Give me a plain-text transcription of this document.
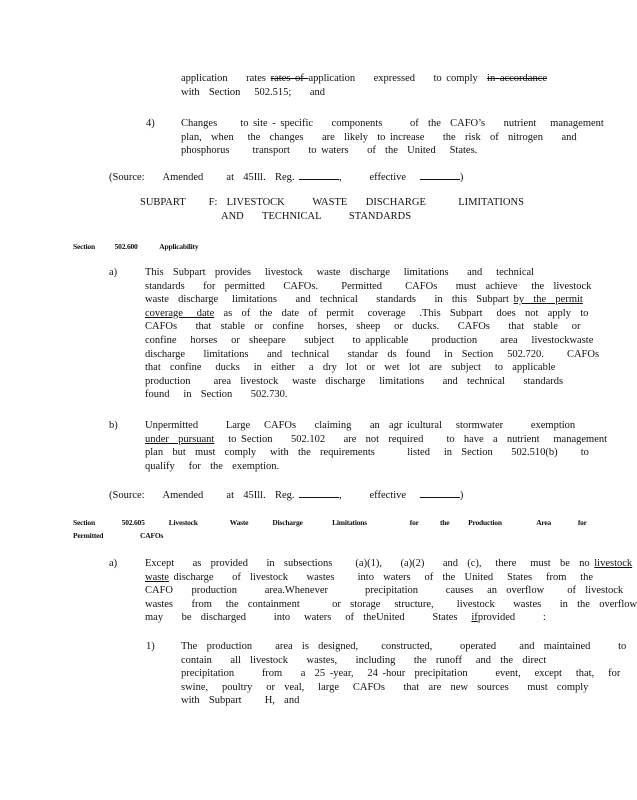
application    rates rates of application    expressed    to comply  in accordance
with  Section   502.515;    and
4)	Changes     to site - specific    components      of  the  CAFO’s    nutrient   management
plan,  when   the  changes    are  likely  to increase    the  risk  of  nitrogen    and
phosphorus     transport    to waters    of  the  United   States.
(Source:    Amended     at  45Ill.  Reg.	,      effective	)
SUBPART     F:  LIVESTOCK      WASTE    DISCHARGE       LIMITATIONS
AND    TECHNICAL      STANDARDS
Section	502.600	Applicability
a)	This  Subpart  provides   livestock   waste  discharge   limitations    and   technical
standards    for  permitted    CAFOs.     Permitted     CAFOs    must  achieve   the  livestock
waste  discharge   limitations    and  technical    standards    in  this  Subpart by  the  permit
coverage   date  as  of  the  date  of  permit   coverage   .This  Subpart   does  not  apply  to
CAFOs    that  stable  or  confine   horses,  sheep   or  ducks.    CAFOs    that  stable   or
confine   horses   or  sheepare    subject    to applicable     production     area   livestockwaste
discharge    limitations    and  technical    standar  ds  found   in  Section   502.720.     CAFOs
that  confine   ducks   in  either   a  dry  lot  or  wet  lot  are  subject   to  applicable
production     area  livestock   waste  discharge   limitations    and  technical    standards
found   in  Section    502.730.
b)	Unpermitted      Large   CAFOs    claiming    an  agr icultural   stormwater      exemption
under  pursuant   to Section    502.102    are  not  required     to  have  a  nutrient   management
plan  but  must  comply   with  the  requirements       listed   in  Section    502.510(b)     to
qualify   for  the  exemption.
(Source:    Amended     at  45Ill.  Reg.	,      effective	)
Section          502.605         Livestock            Waste         Discharge           Limitations                for        the       Production             Area          for
Permitted          CAFOs
a)	Except    as  provided    in  subsections     (a)(1),    (a)(2)    and  (c),   there   must  be  no livestock
waste discharge    of  livestock    wastes     into  waters   of  the  United   States   from   the
CAFO    production      area.Whenever        precipitation      causes   an  overflow     of  livestock
wastes    from   the  containment       or  storage   structure,     livestock    wastes    in  the  overflow
may    be  discharged      into   waters   of  theUnited      States   ifprovided      :
1)	The  production     area  is  designed,     constructed,      operated     and  maintained      to
contain    all  livestock    wastes,    including    the  runoff   and  the  direct
precipitation      from    a  25 -year,   24 -hour  precipitation      event,   except   that,   for
swine,   poultry   or  veal,   large   CAFOs    that  are  new  sources    must  comply
with  Subpart     H,  and
